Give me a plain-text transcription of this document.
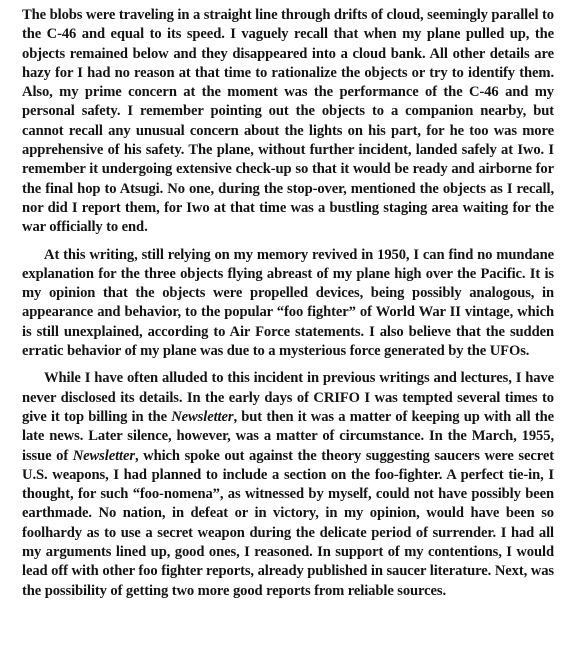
The blobs were traveling in a straight line through drifts of cloud, seemingly parallel to the C-46 and equal to its speed. I vaguely recall that when my plane pulled up, the objects remained below and they disappeared into a cloud bank. All other details are hazy for I had no reason at that time to rationalize the objects or try to identify them. Also, my prime concern at the moment was the performance of the C-46 and my personal safety. I remember pointing out the objects to a companion nearby, but cannot recall any unusual concern about the lights on his part, for he too was more apprehensive of his safety. The plane, without further incident, landed safely at Iwo. I remember it undergoing extensive check-up so that it would be ready and airborne for the final hop to Atsugi. No one, during the stop-over, mentioned the objects as I recall, nor did I report them, for Iwo at that time was a bustling staging area waiting for the war officially to end.

At this writing, still relying on my memory revived in 1950, I can find no mundane explanation for the three objects flying abreast of my plane high over the Pacific. It is my opinion that the objects were propelled devices, being possibly analogous, in appearance and behavior, to the popular “foo fighter” of World War II vintage, which is still unexplained, according to Air Force statements. I also believe that the sudden erratic behavior of my plane was due to a mysterious force generated by the UFOs.

While I have often alluded to this incident in previous writings and lectures, I have never disclosed its details. In the early days of CRIFO I was tempted several times to give it top billing in the Newsletter, but then it was a matter of keeping up with all the late news. Later silence, however, was a matter of circumstance. In the March, 1955, issue of Newsletter, which spoke out against the theory suggesting saucers were secret U.S. weapons, I had planned to include a section on the foo-fighter. A perfect tie-in, I thought, for such “foo-nomena”, as witnessed by myself, could not have possibly been earthmade. No nation, in defeat or in victory, in my opinion, would have been so foolhardy as to use a secret weapon during the delicate period of surrender. I had all my arguments lined up, good ones, I reasoned. In support of my contentions, I would lead off with other foo fighter reports, already published in saucer literature. Next, was the possibility of getting two more good reports from reliable sources.
